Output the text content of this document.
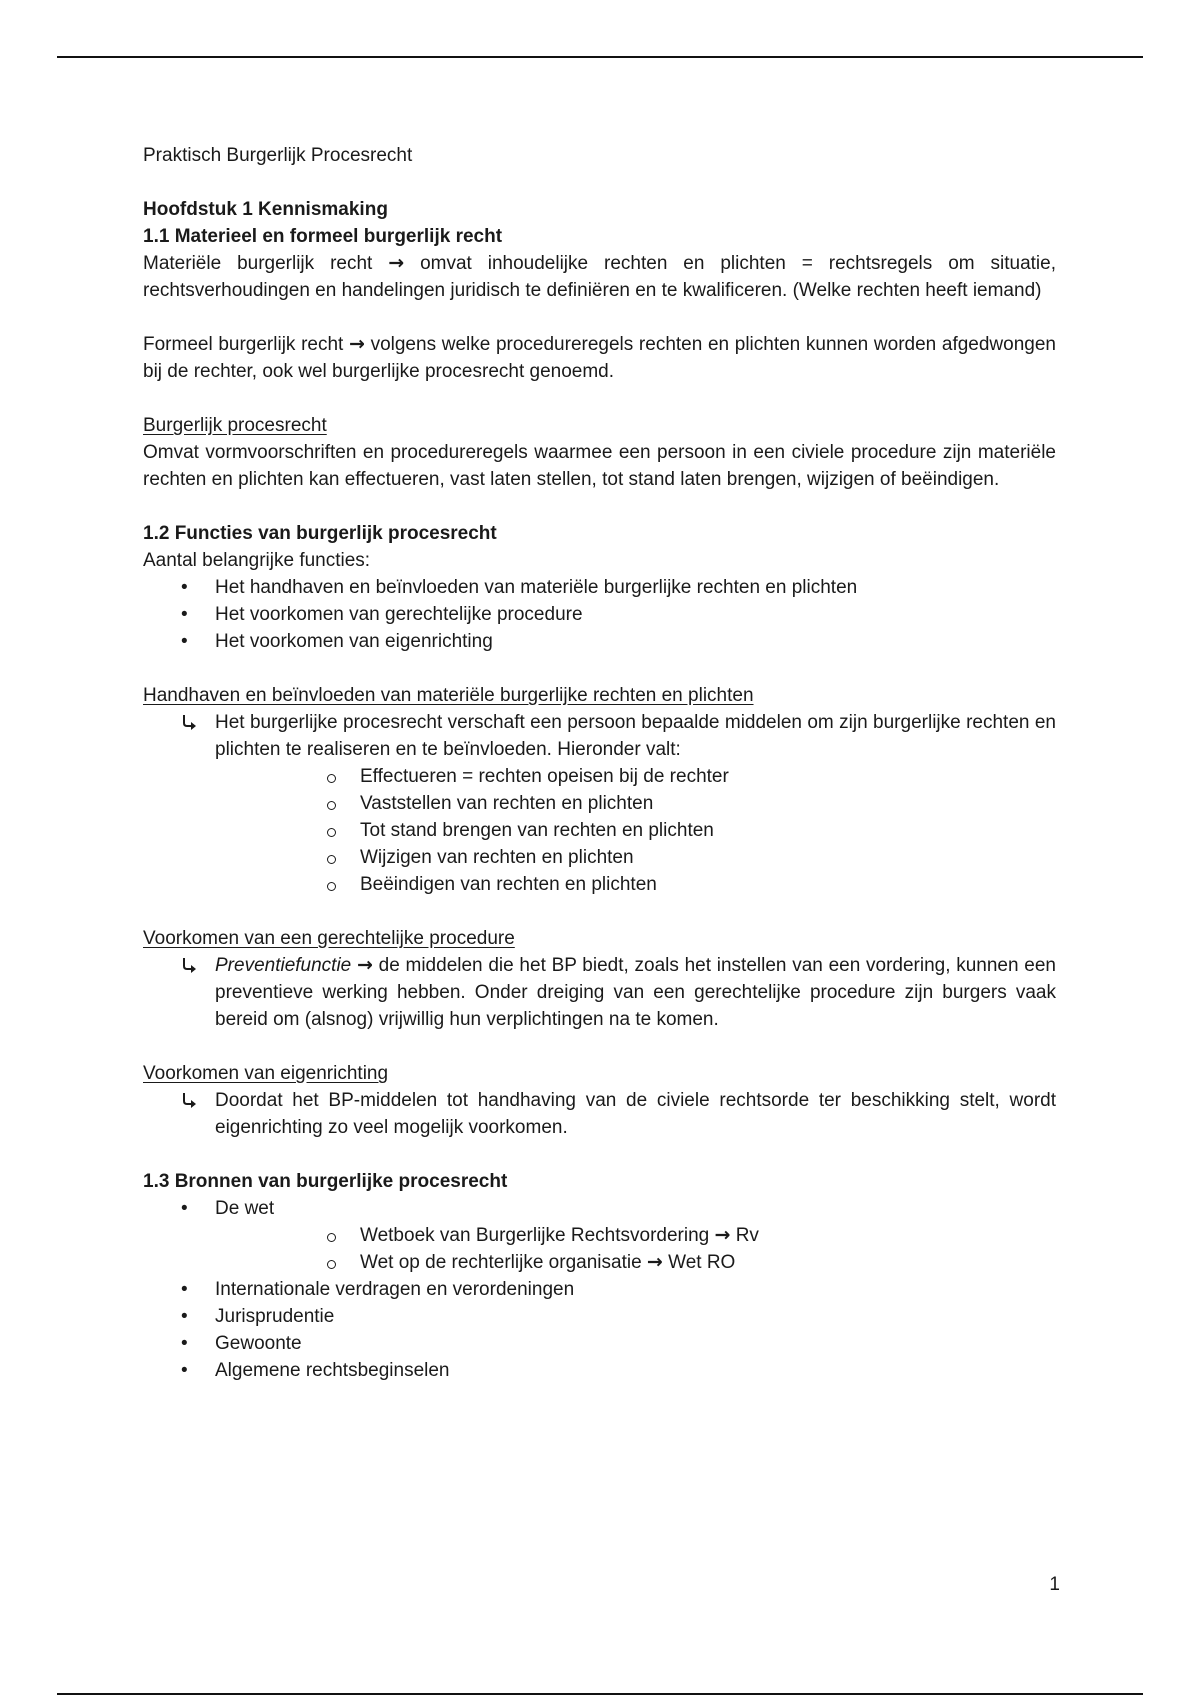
Praktisch Burgerlijk Procesrecht

Hoofdstuk 1 Kennismaking

1.1 Materieel en formeel burgerlijk recht

Materiële burgerlijk recht → omvat inhoudelijke rechten en plichten = rechtsregels om situatie, rechtsverhoudingen en handelingen juridisch te definiëren en te kwalificeren. (Welke rechten heeft iemand)

Formeel burgerlijk recht → volgens welke procedureregels rechten en plichten kunnen worden afgedwongen bij de rechter, ook wel burgerlijke procesrecht genoemd.

Burgerlijk procesrecht

Omvat vormvoorschriften en procedureregels waarmee een persoon in een civiele procedure zijn materiële rechten en plichten kan effectueren, vast laten stellen, tot stand laten brengen, wijzigen of beëindigen.

1.2 Functies van burgerlijk procesrecht

Aantal belangrijke functies:

• Het handhaven en beïnvloeden van materiële burgerlijke rechten en plichten
• Het voorkomen van gerechtelijke procedure
• Het voorkomen van eigenrichting

Handhaven en beïnvloeden van materiële burgerlijke rechten en plichten

Het burgerlijke procesrecht verschaft een persoon bepaalde middelen om zijn burgerlijke rechten en plichten te realiseren en te beïnvloeden. Hieronder valt:
Effectueren = rechten opeisen bij de rechter
Vaststellen van rechten en plichten
Tot stand brengen van rechten en plichten
Wijzigen van rechten en plichten
Beëindigen van rechten en plichten

Voorkomen van een gerechtelijke procedure

Preventiefunctie → de middelen die het BP biedt, zoals het instellen van een vordering, kunnen een preventieve werking hebben. Onder dreiging van een gerechtelijke procedure zijn burgers vaak bereid om (alsnog) vrijwillig hun verplichtingen na te komen.

Voorkomen van eigenrichting

Doordat het BP-middelen tot handhaving van de civiele rechtsorde ter beschikking stelt, wordt eigenrichting zo veel mogelijk voorkomen.

1.3 Bronnen van burgerlijke procesrecht

• De wet
Wetboek van Burgerlijke Rechtsvordering → Rv
Wet op de rechterlijke organisatie → Wet RO
• Internationale verdragen en verordeningen
• Jurisprudentie
• Gewoonte
• Algemene rechtsbeginselen
1
